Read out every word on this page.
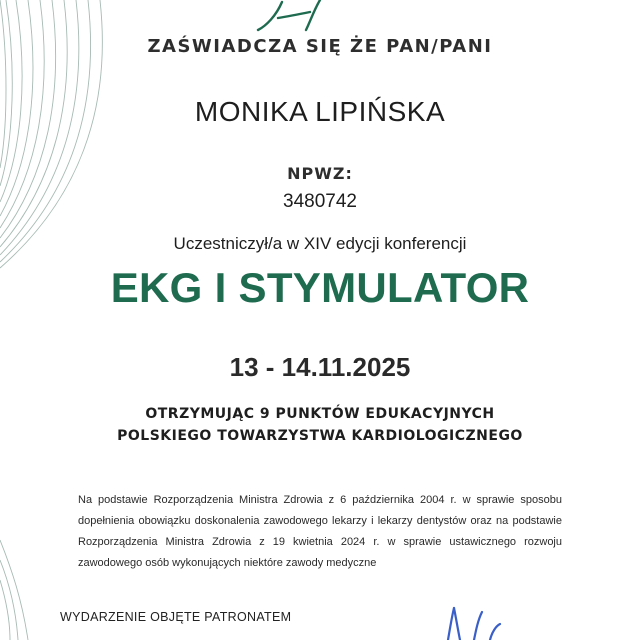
ZAŚWIADCZA SIĘ ŻE PAN/PANI
MONIKA LIPIŃSKA
NPWZ:
3480742
Uczestniczył/a w XIV edycji konferencji
EKG I STYMULATOR
13 - 14.11.2025
OTRZYMUJĄC 9 PUNKTÓW EDUKACYJNYCH
POLSKIEGO TOWARZYSTWA KARDIOLOGICZNEGO

Na podstawie Rozporządzenia Ministra Zdrowia z 6 października 2004 r. w sprawie sposobu dopełnienia obowiązku doskonalenia zawodowego lekarzy i lekarzy dentystów oraz na podstawie Rozporządzenia Ministra Zdrowia z 19 kwietnia 2024 r. w sprawie ustawicznego rozwoju zawodowego osób wykonujących niektóre zawody medyczne

WYDARZENIE OBJĘTE PATRONATEM
